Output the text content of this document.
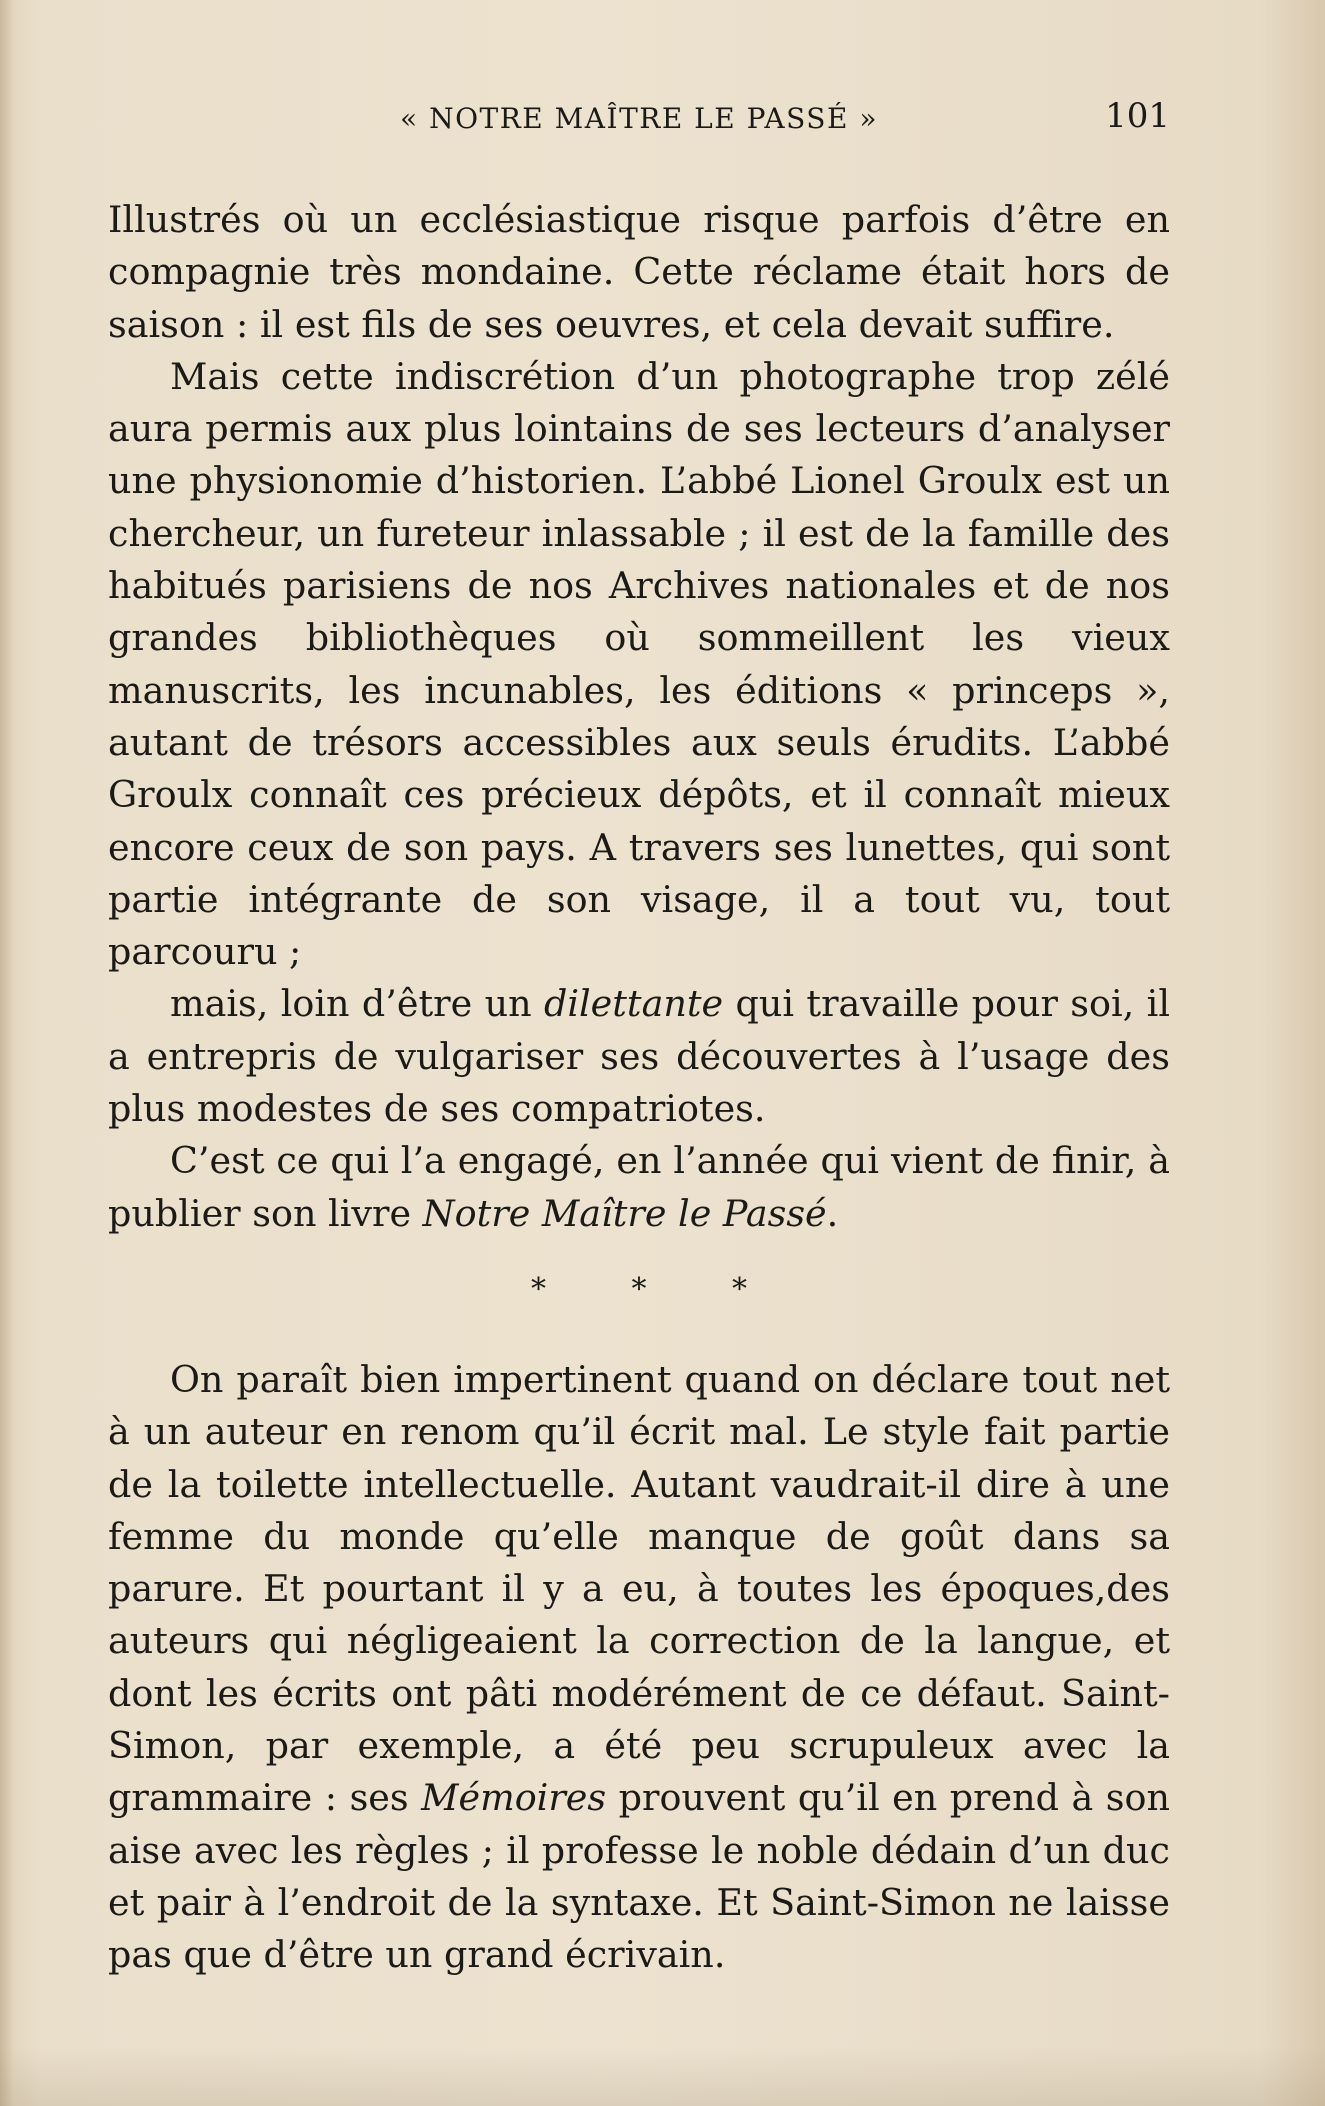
« NOTRE MAÎTRE LE PASSÉ »	101

Illustrés où un ecclésiastique risque parfois d’être en compagnie très mondaine. Cette réclame était hors de saison : il est fils de ses oeuvres, et cela devait suffire.

Mais cette indiscrétion d’un photographe trop zélé aura permis aux plus lointains de ses lecteurs d’analyser une physionomie d’historien. L’abbé Lionel Groulx est un chercheur, un fureteur inlassable ; il est de la famille des habitués parisiens de nos Archives nationales et de nos grandes bibliothèques où sommeillent les vieux manuscrits, les incunables, les éditions « princeps », autant de trésors accessibles aux seuls érudits. L’abbé Groulx connaît ces précieux dépôts, et il connaît mieux encore ceux de son pays. A travers ses lunettes, qui sont partie intégrante de son visage, il a tout vu, tout parcouru ;

mais, loin d’être un dilettante qui travaille pour soi, il a entrepris de vulgariser ses découvertes à l’usage des plus modestes de ses compatriotes.

C’est ce qui l’a engagé, en l’année qui vient de finir, à publier son livre Notre Maître le Passé.

* * *

On paraît bien impertinent quand on déclare tout net à un auteur en renom qu’il écrit mal. Le style fait partie de la toilette intellectuelle. Autant vaudrait-il dire à une femme du monde qu’elle manque de goût dans sa parure. Et pourtant il y a eu, à toutes les époques,des auteurs qui négligeaient la correction de la langue, et dont les écrits ont pâti modérément de ce défaut. Saint-Simon, par exemple, a été peu scrupuleux avec la grammaire : ses Mémoires prouvent qu’il en prend à son aise avec les règles ; il professe le noble dédain d’un duc et pair à l’endroit de la syntaxe. Et Saint-Simon ne laisse pas que d’être un grand écrivain.
